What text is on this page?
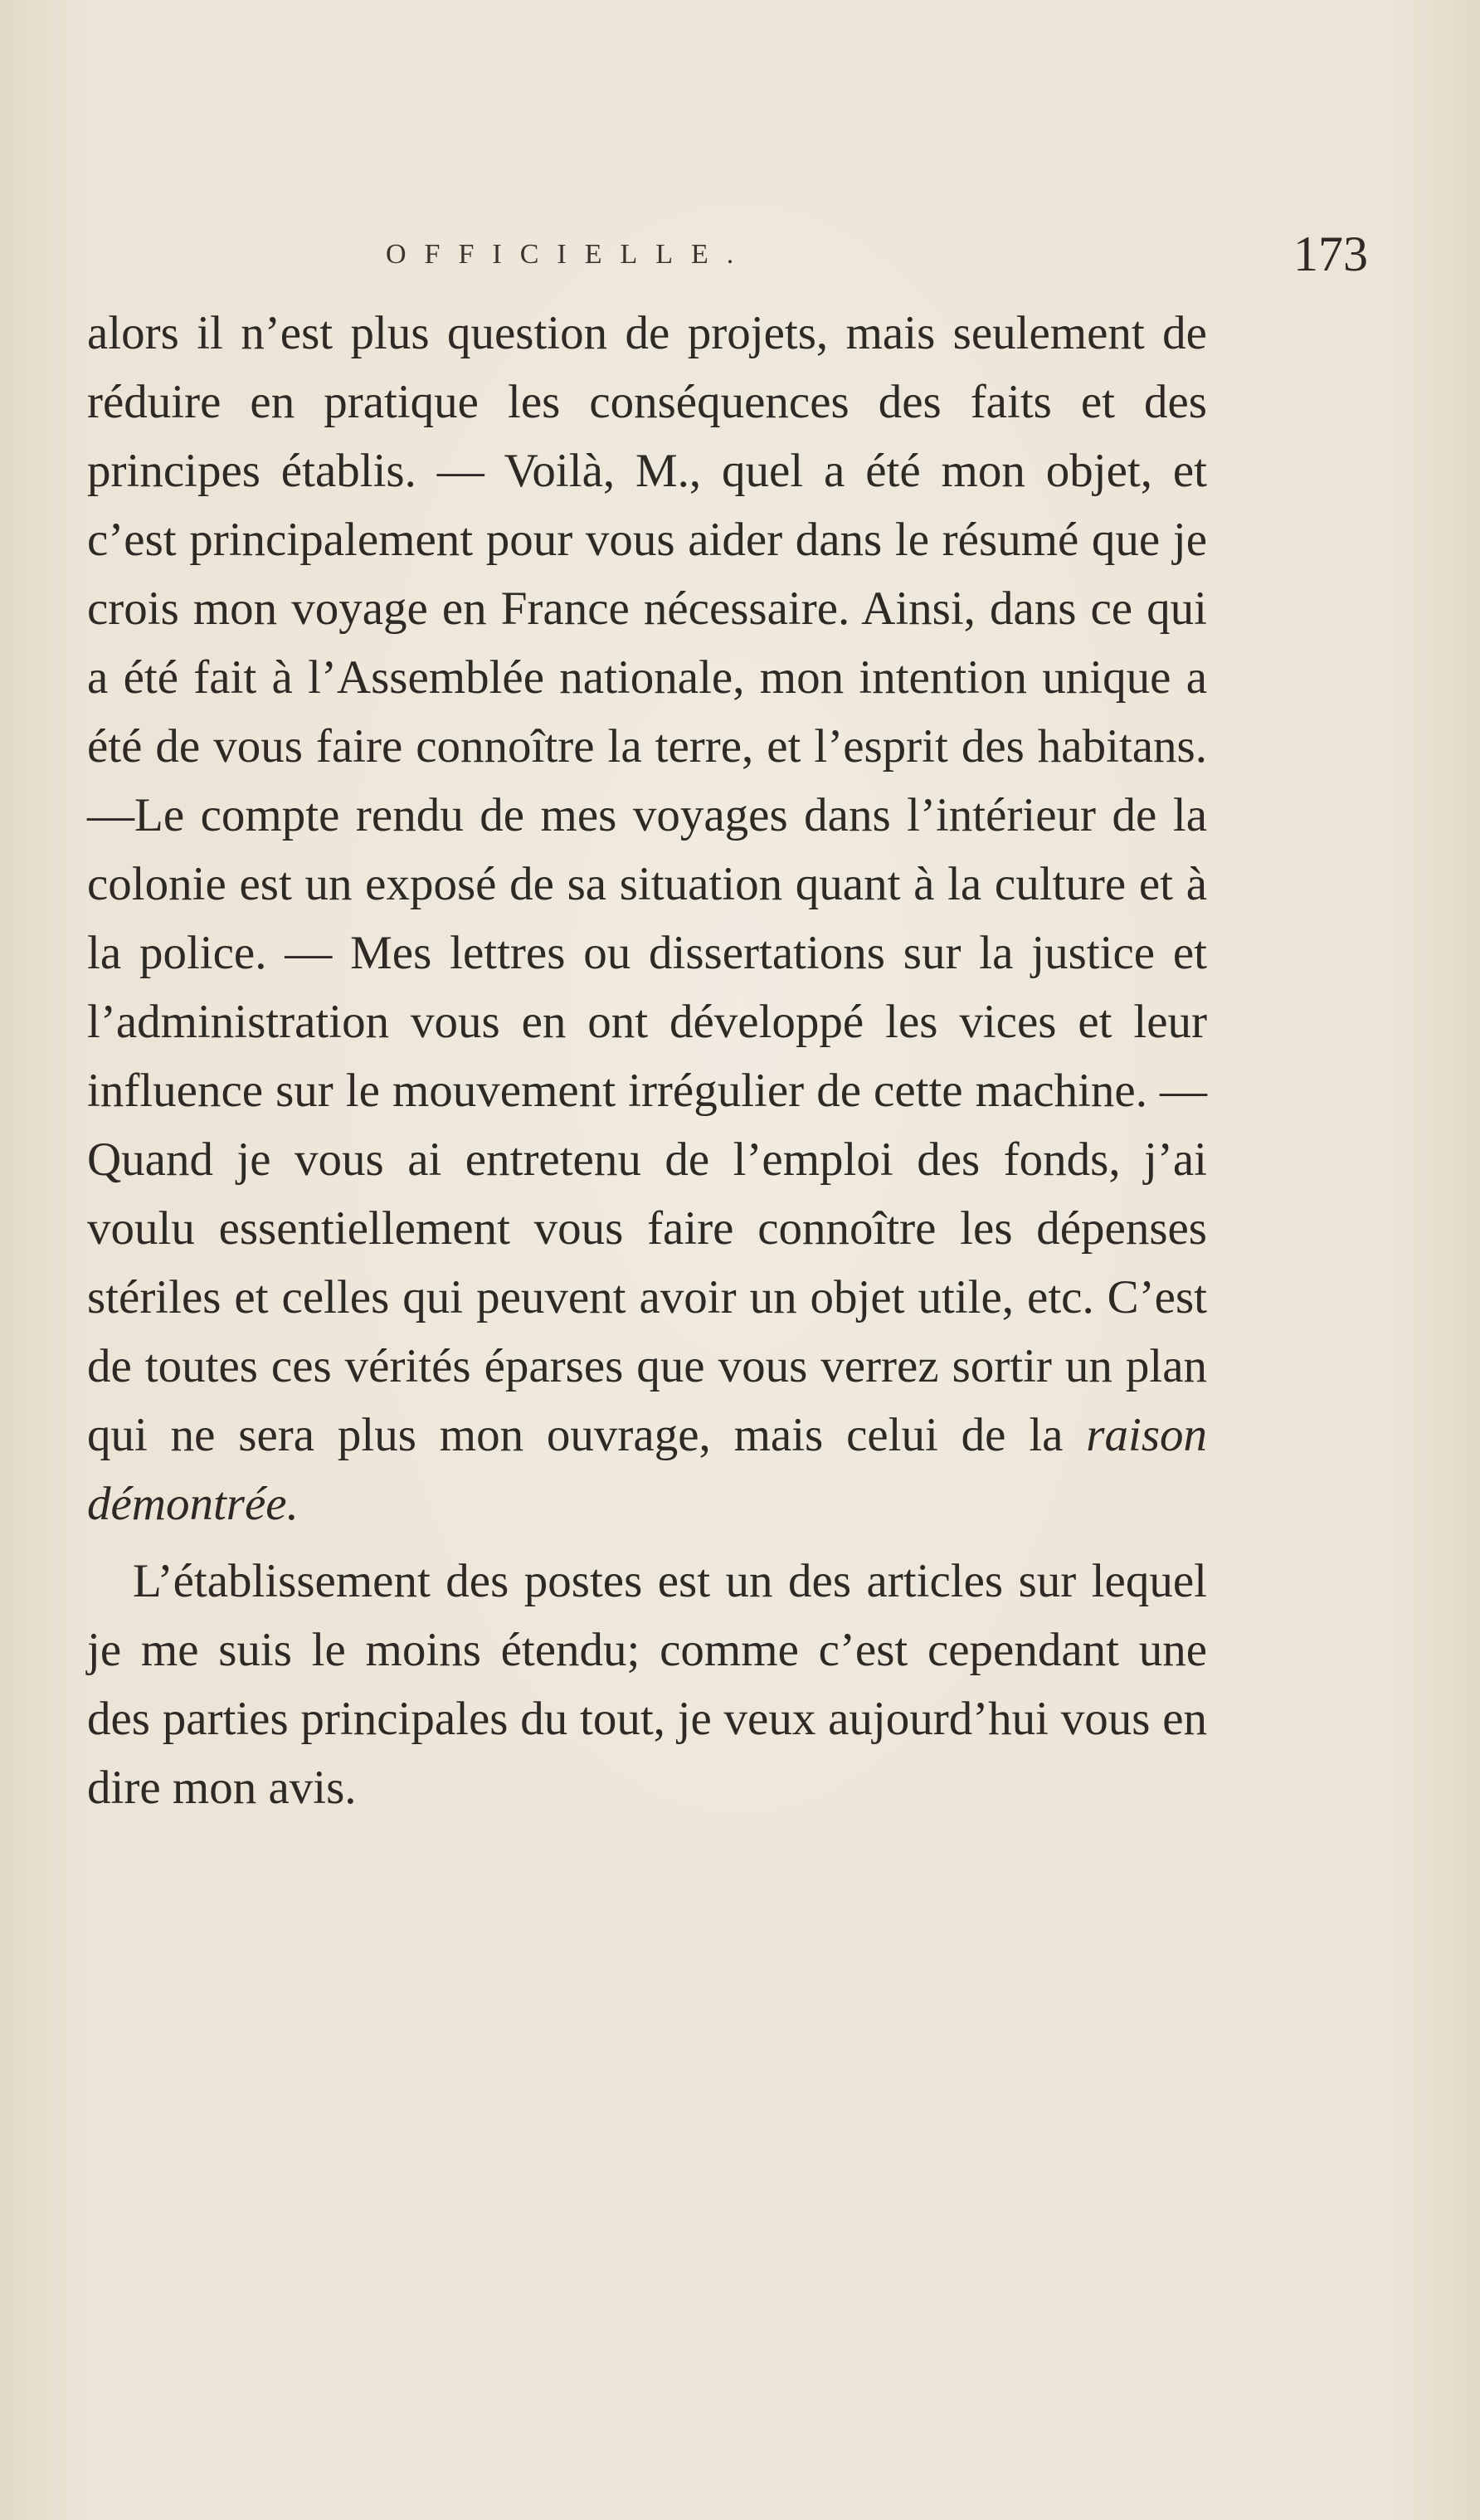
OFFICIELLE.	173

alors il n’est plus question de projets, mais seulement de réduire en pratique les conséquences des faits et des principes établis. — Voilà, M., quel a été mon objet, et c’est principalement pour vous aider dans le résumé que je crois mon voyage en France nécessaire. Ainsi, dans ce qui a été fait à l’Assemblée nationale, mon intention unique a été de vous faire connoître la terre, et l’esprit des habitans.—Le compte rendu de mes voyages dans l’intérieur de la colonie est un exposé de sa situation quant à la culture et à la police. — Mes lettres ou dissertations sur la justice et l’administration vous en ont développé les vices et leur influence sur le mouvement irrégulier de cette machine. — Quand je vous ai entretenu de l’emploi des fonds, j’ai voulu essentiellement vous faire connoître les dépenses stériles et celles qui peuvent avoir un objet utile, etc. C’est de toutes ces vérités éparses que vous verrez sortir un plan qui ne sera plus mon ouvrage, mais celui de la raison démontrée.

L’établissement des postes est un des articles sur lequel je me suis le moins étendu; comme c’est cependant une des parties principales du tout, je veux aujourd’hui vous en dire mon avis.
